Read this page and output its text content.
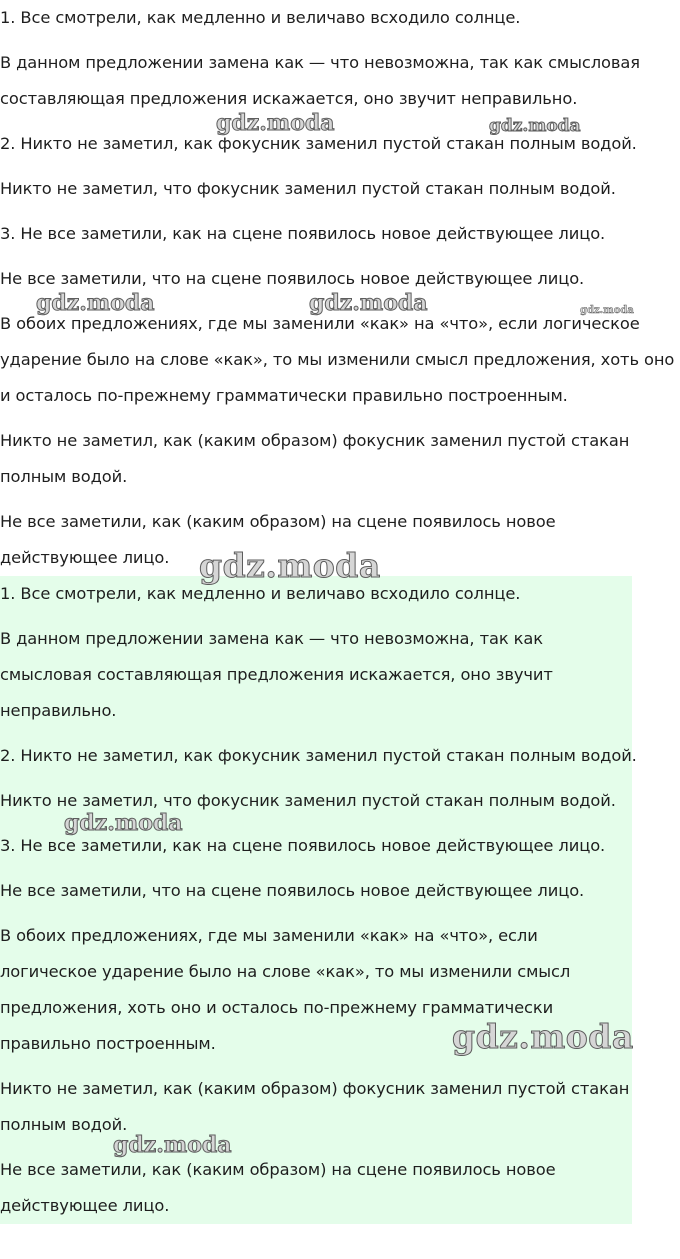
1. Все смотрели, как медленно и величаво всходило солнце.

В данном предложении замена как — что невозможна, так как смысловая
составляющая предложения искажается, оно звучит неправильно.

2. Никто не заметил, как фокусник заменил пустой стакан полным водой.

Никто не заметил, что фокусник заменил пустой стакан полным водой.

3. Не все заметили, как на сцене появилось новое действующее лицо.

Не все заметили, что на сцене появилось новое действующее лицо.

В обоих предложениях, где мы заменили «как» на «что», если логическое
ударение было на слове «как», то мы изменили смысл предложения, хоть оно
и осталось по-прежнему грамматически правильно построенным.

Никто не заметил, как (каким образом) фокусник заменил пустой стакан
полным водой.

Не все заметили, как (каким образом) на сцене появилось новое
действующее лицо.

1. Все смотрели, как медленно и величаво всходило солнце.

В данном предложении замена как — что невозможна, так как
смысловая составляющая предложения искажается, оно звучит
неправильно.

2. Никто не заметил, как фокусник заменил пустой стакан полным водой.

Никто не заметил, что фокусник заменил пустой стакан полным водой.

3. Не все заметили, как на сцене появилось новое действующее лицо.

Не все заметили, что на сцене появилось новое действующее лицо.

В обоих предложениях, где мы заменили «как» на «что», если
логическое ударение было на слове «как», то мы изменили смысл
предложения, хоть оно и осталось по-прежнему грамматически
правильно построенным.

Никто не заметил, как (каким образом) фокусник заменил пустой стакан
полным водой.

Не все заметили, как (каким образом) на сцене появилось новое
действующее лицо.

gdz.moda	gdz.moda
gdz.moda	gdz.moda	gdz.moda
gdz.moda
gdz.moda
gdz.moda
gdz.moda
